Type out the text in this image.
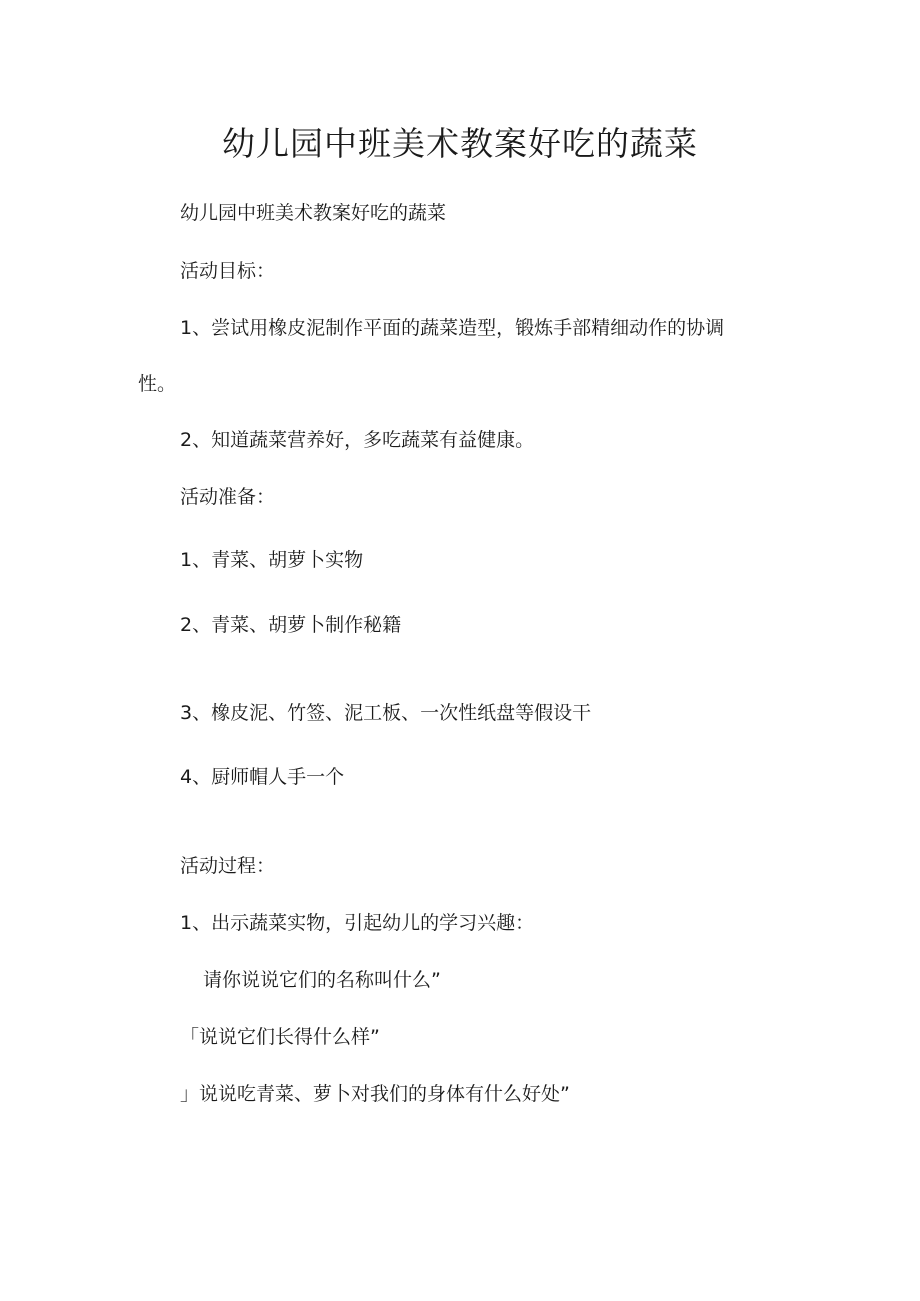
幼儿园中班美术教案好吃的蔬菜
幼儿园中班美术教案好吃的蔬菜
活动目标：
1、尝试用橡皮泥制作平面的蔬菜造型，锻炼手部精细动作的协调
性。
2、知道蔬菜营养好，多吃蔬菜有益健康。
活动准备：
1、青菜、胡萝卜实物
2、青菜、胡萝卜制作秘籍
3、橡皮泥、竹签、泥工板、一次性纸盘等假设干
4、厨师帽人手一个
活动过程：
1、出示蔬菜实物，引起幼儿的学习兴趣：
请你说说它们的名称叫什么”
「说说它们长得什么样”
」说说吃青菜、萝卜对我们的身体有什么好处”
